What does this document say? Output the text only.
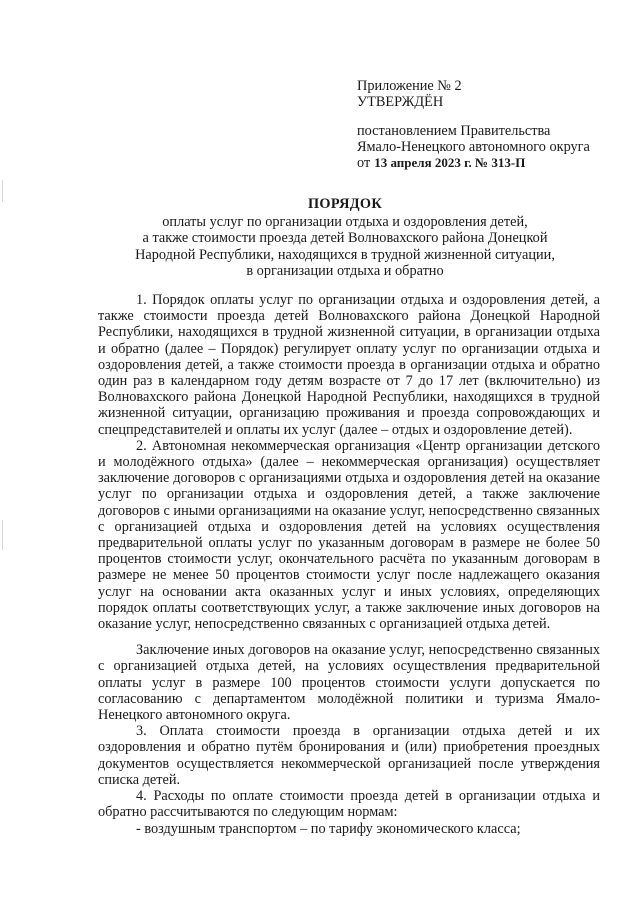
Приложение № 2
УТВЕРЖДЁН
постановлением Правительства
Ямало-Ненецкого автономного округа
от 13 апреля 2023 г. № 313-П
ПОРЯДОК
оплаты услуг по организации отдыха и оздоровления детей,
а также стоимости проезда детей Волновахского района Донецкой
Народной Республики, находящихся в трудной жизненной ситуации,
в организации отдыха и обратно

1. Порядок оплаты услуг по организации отдыха и оздоровления детей, а также стоимости проезда детей Волновахского района Донецкой Народной Республики, находящихся в трудной жизненной ситуации, в организации отдыха и обратно (далее – Порядок) регулирует оплату услуг по организации отдыха и оздоровления детей, а также стоимости проезда в организации отдыха и обратно один раз в календарном году детям возрасте от 7 до 17 лет (включительно) из Волновахского района Донецкой Народной Республики, находящихся в трудной жизненной ситуации, организацию проживания и проезда сопровождающих и спецпредставителей и оплаты их услуг (далее – отдых и оздоровление детей).

2. Автономная некоммерческая организация «Центр организации детского и молодёжного отдыха» (далее – некоммерческая организация) осуществляет заключение договоров с организациями отдыха и оздоровления детей на оказание услуг по организации отдыха и оздоровления детей, а также заключение договоров с иными организациями на оказание услуг, непосредственно связанных с организацией отдыха и оздоровления детей на условиях осуществления предварительной оплаты услуг по указанным договорам в размере не более 50 процентов стоимости услуг, окончательного расчёта по указанным договорам в размере не менее 50 процентов стоимости услуг после надлежащего оказания услуг на основании акта оказанных услуг и иных условиях, определяющих порядок оплаты соответствующих услуг, а также заключение иных договоров на оказание услуг, непосредственно связанных с организацией отдыха детей.

Заключение иных договоров на оказание услуг, непосредственно связанных с организацией отдыха детей, на условиях осуществления предварительной оплаты услуг в размере 100 процентов стоимости услуги допускается по согласованию с департаментом молодёжной политики и туризма Ямало-Ненецкого автономного округа.

3. Оплата стоимости проезда в организации отдыха детей и их оздоровления и обратно путём бронирования и (или) приобретения проездных документов осуществляется некоммерческой организацией после утверждения списка детей.

4. Расходы по оплате стоимости проезда детей в организации отдыха и обратно рассчитываются по следующим нормам:

- воздушным транспортом – по тарифу экономического класса;
